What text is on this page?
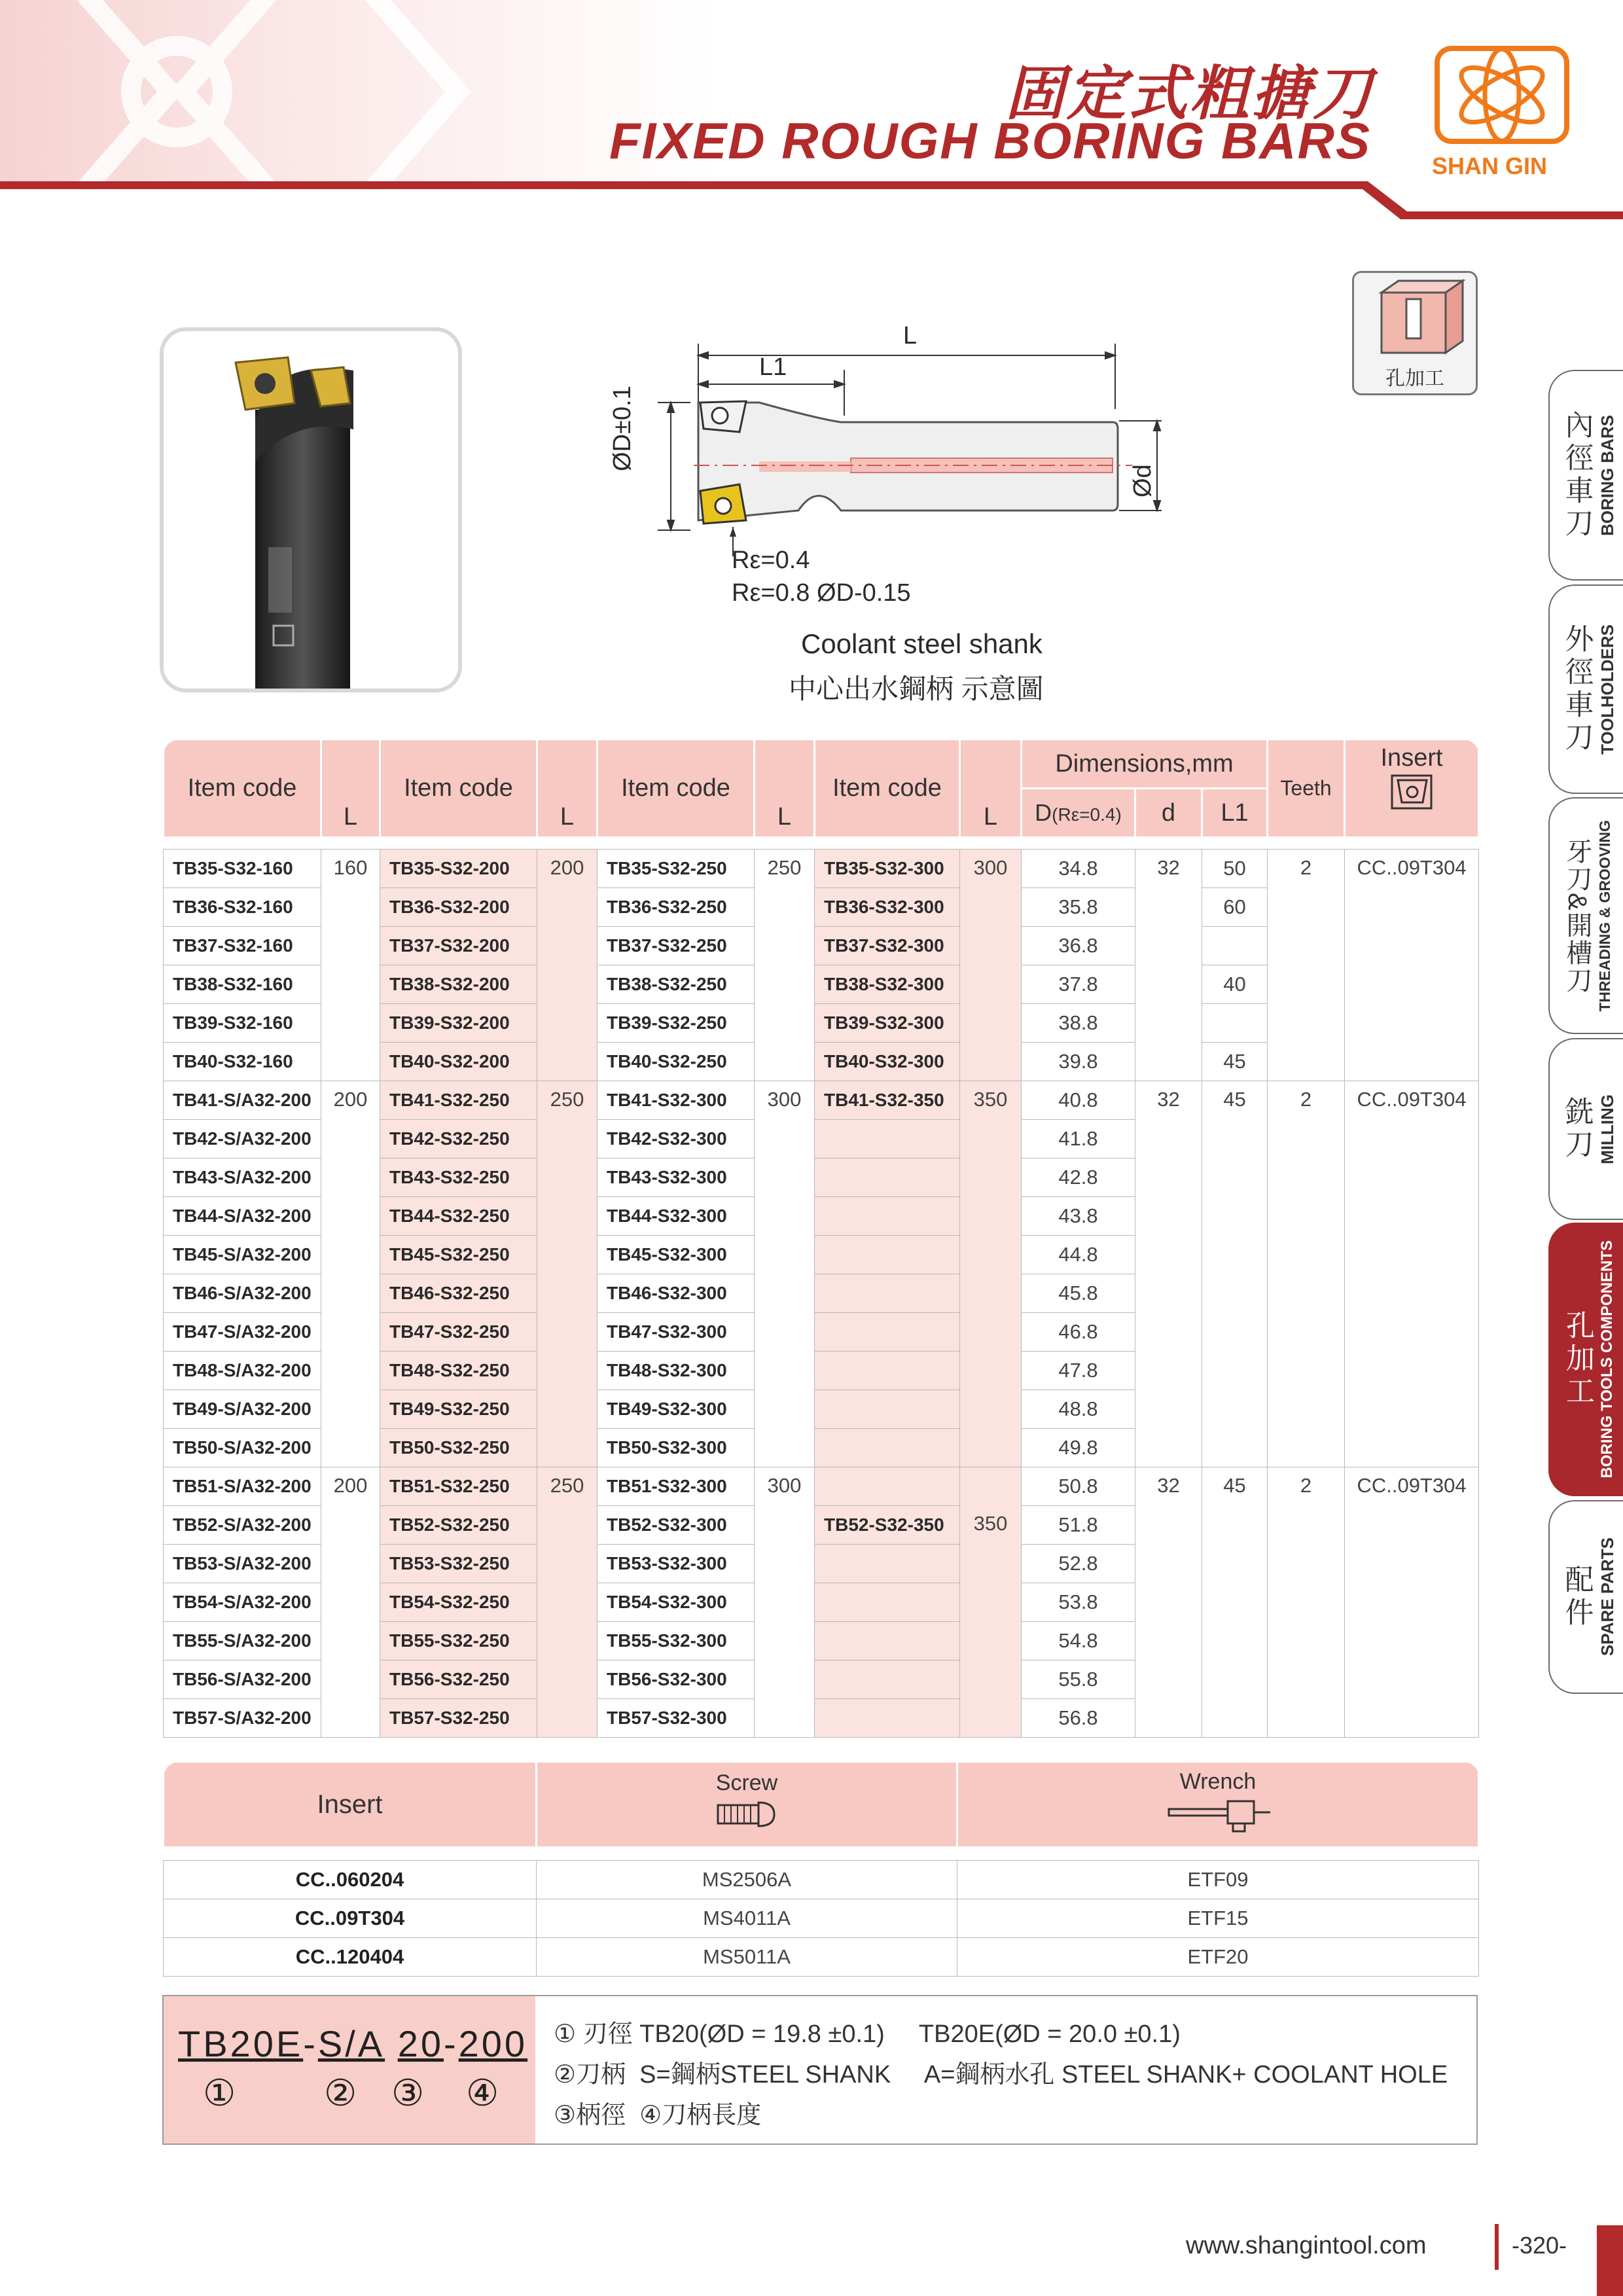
固定式粗搪刀
FIXED ROUGH BORING BARS	SHAN GIN
孔加工
內徑車刀 BORING BARS
外徑車刀 TOOLHOLDERS
牙刀&開槽刀 THREADING & GROOVING
銑刀 MILLING
孔加工 BORING TOOLS COMPONENTS
配件 SPARE PARTS
L
L1
ØD±0.1
Ød
Rε=0.4
Rε=0.8 ØD-0.15
Coolant steel shank
中心出水鋼柄 示意圖
Item code	L	Item code	L	Item code	L	Item code	L	Dimensions,mm			Teeth	Insert

								D(Rε=0.4)	d	L1		

TB35-S32-160	160	TB35-S32-200	200	TB35-S32-250	250	TB35-S32-300	300	34.8	32	50	2	CC..09T304
TB36-S32-160		TB36-S32-200		TB36-S32-250		TB36-S32-300		35.8		60		
TB37-S32-160		TB37-S32-200		TB37-S32-250		TB37-S32-300		36.8				
TB38-S32-160		TB38-S32-200		TB38-S32-250		TB38-S32-300		37.8		40		
TB39-S32-160		TB39-S32-200		TB39-S32-250		TB39-S32-300		38.8				
TB40-S32-160		TB40-S32-200		TB40-S32-250		TB40-S32-300		39.8		45		
TB41-S/A32-200	200	TB41-S32-250	250	TB41-S32-300	300	TB41-S32-350	350	40.8	32	45	2	CC..09T304
TB42-S/A32-200		TB42-S32-250		TB42-S32-300				41.8				
TB43-S/A32-200		TB43-S32-250		TB43-S32-300				42.8				
TB44-S/A32-200		TB44-S32-250		TB44-S32-300				43.8				
TB45-S/A32-200		TB45-S32-250		TB45-S32-300				44.8				
TB46-S/A32-200		TB46-S32-250		TB46-S32-300				45.8				
TB47-S/A32-200		TB47-S32-250		TB47-S32-300				46.8				
TB48-S/A32-200		TB48-S32-250		TB48-S32-300				47.8				
TB49-S/A32-200		TB49-S32-250		TB49-S32-300				48.8				
TB50-S/A32-200		TB50-S32-250		TB50-S32-300				49.8				
TB51-S/A32-200	200	TB51-S32-250	250	TB51-S32-300	300		350	50.8	32	45	2	CC..09T304
TB52-S/A32-200		TB52-S32-250		TB52-S32-300		TB52-S32-350		51.8				
TB53-S/A32-200		TB53-S32-250		TB53-S32-300				52.8				
TB54-S/A32-200		TB54-S32-250		TB54-S32-300				53.8				
TB55-S/A32-200		TB55-S32-250		TB55-S32-300				54.8				
TB56-S/A32-200		TB56-S32-250		TB56-S32-300				55.8				
TB57-S/A32-200		TB57-S32-250		TB57-S32-300				56.8				
Insert	Screw	Wrench

CC..060204	MS2506A	ETF09
CC..09T304	MS4011A	ETF15
CC..120404	MS5011A	ETF20
TB20E-S/A 20-200
① ② ③ ④
① 刃徑 TB20(ØD = 19.8 ±0.1)     TB20E(ØD = 20.0 ±0.1)
②刀柄  S=鋼柄STEEL SHANK     A=鋼柄水孔 STEEL SHANK+ COOLANT HOLE
③柄徑  ④刀柄長度
www.shangintool.com	-320-
